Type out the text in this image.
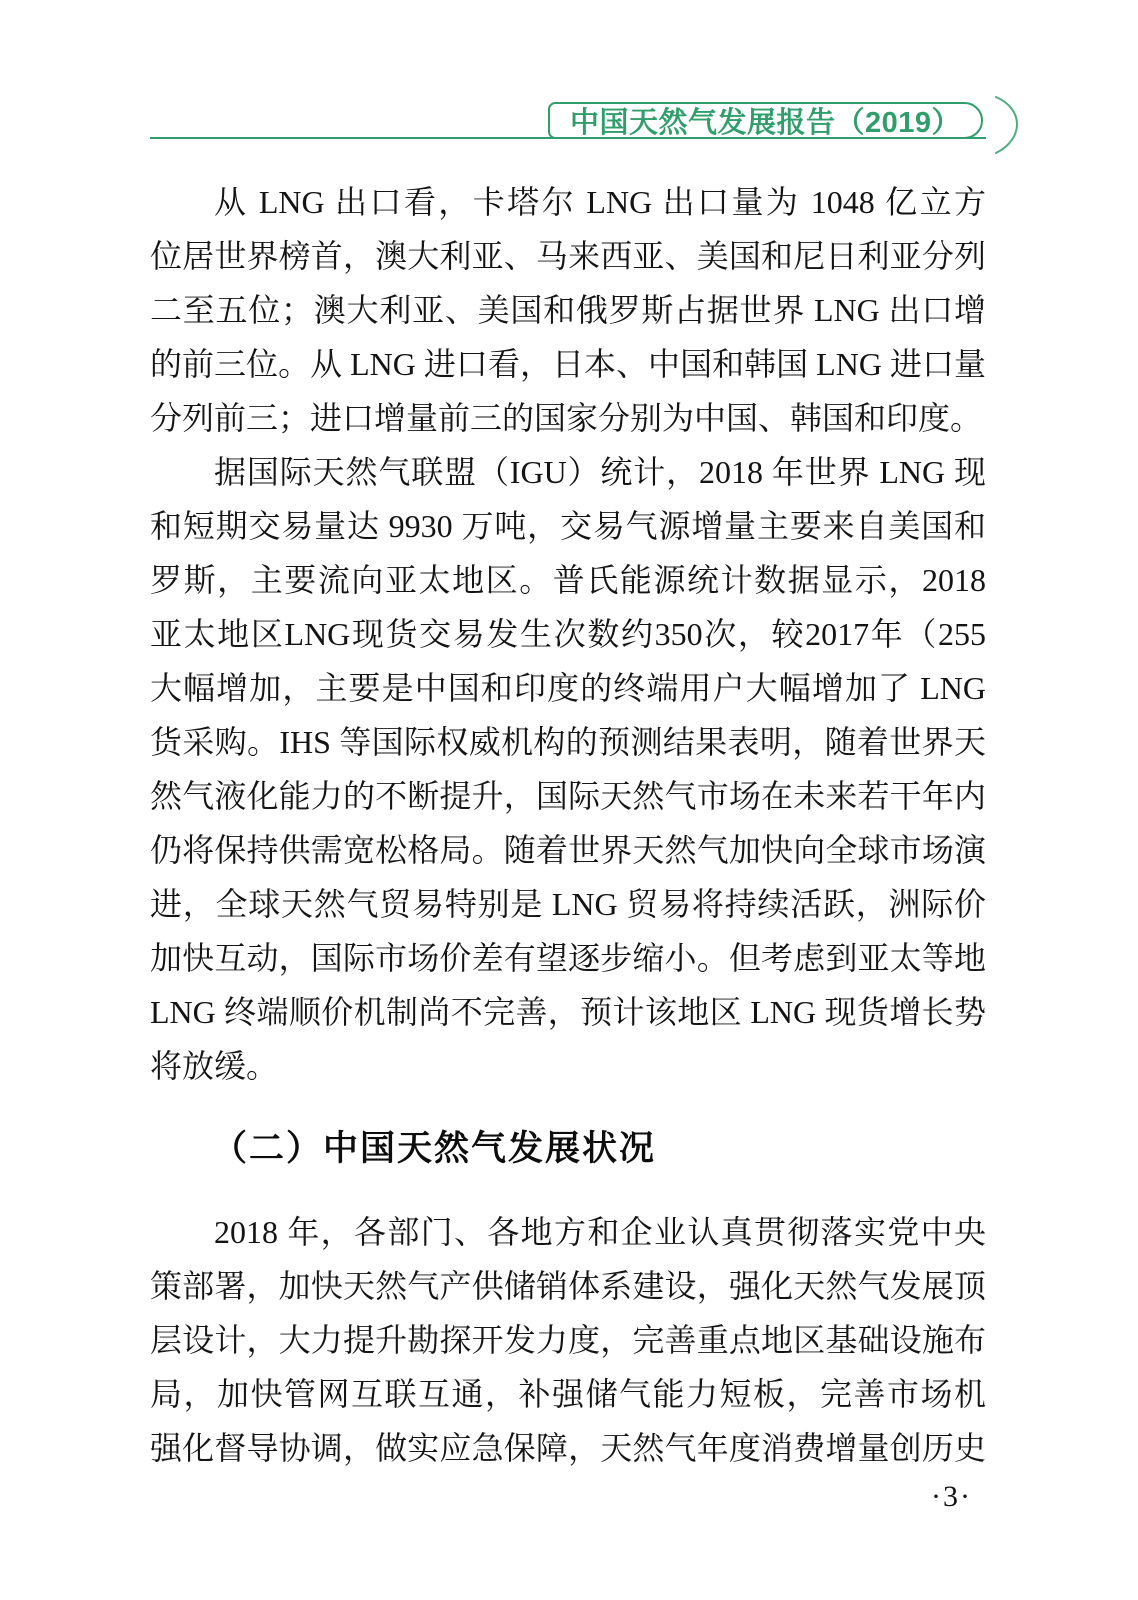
中国天然气发展报告（2019）
从 LNG 出口看，卡塔尔 LNG 出口量为 1048 亿立方
位居世界榜首，澳大利亚、马来西亚、美国和尼日利亚分列
二至五位；澳大利亚、美国和俄罗斯占据世界 LNG 出口增
的前三位。从 LNG 进口看，日本、中国和韩国 LNG 进口量
分列前三；进口增量前三的国家分别为中国、韩国和印度。
据国际天然气联盟（IGU）统计，2018 年世界 LNG 现
和短期交易量达 9930 万吨，交易气源增量主要来自美国和
罗斯，主要流向亚太地区。普氏能源统计数据显示，2018
亚太地区LNG现货交易发生次数约350次，较2017年（255
大幅增加，主要是中国和印度的终端用户大幅增加了 LNG
货采购。IHS 等国际权威机构的预测结果表明，随着世界天
然气液化能力的不断提升，国际天然气市场在未来若干年内
仍将保持供需宽松格局。随着世界天然气加快向全球市场演
进，全球天然气贸易特别是 LNG 贸易将持续活跃，洲际价
加快互动，国际市场价差有望逐步缩小。但考虑到亚太等地
LNG 终端顺价机制尚不完善，预计该地区 LNG 现货增长势
将放缓。
（二）中国天然气发展状况
2018 年，各部门、各地方和企业认真贯彻落实党中央
策部署，加快天然气产供储销体系建设，强化天然气发展顶
层设计，大力提升勘探开发力度，完善重点地区基础设施布
局，加快管网互联互通，补强储气能力短板，完善市场机
强化督导协调，做实应急保障，天然气年度消费增量创历史
·3·
